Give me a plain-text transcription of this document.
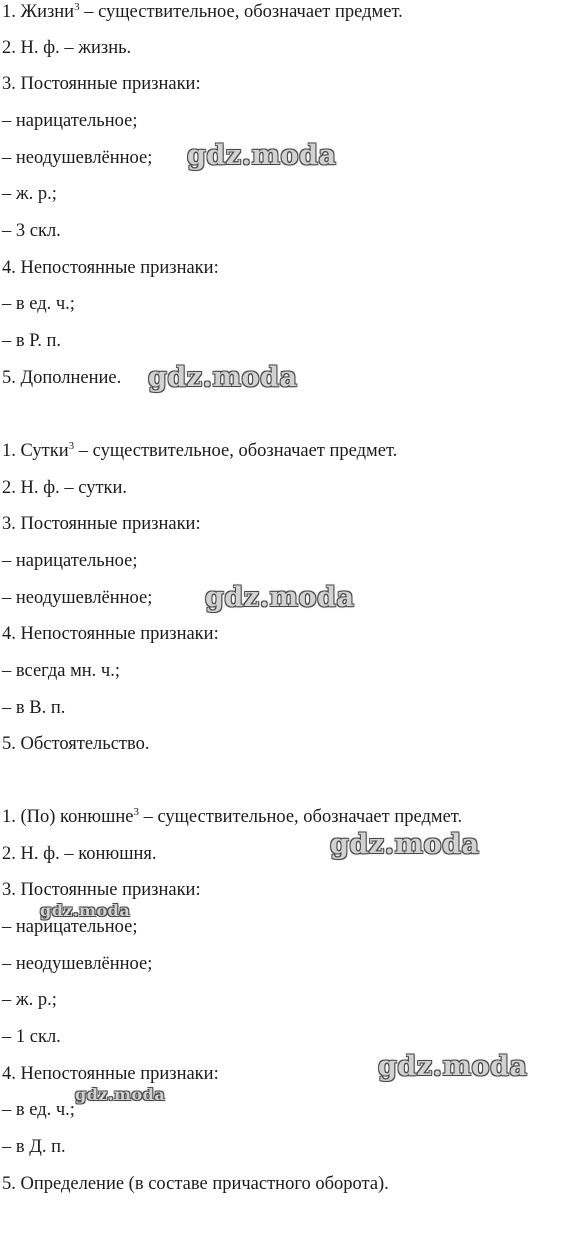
1. Жизни$^3$ – существительное, обозначает предмет.
2. Н. ф. – жизнь.
3. Постоянные признаки:
– нарицательное;
– неодушевлённое;
– ж. р.;
– 3 скл.
4. Непостоянные признаки:
– в ед. ч.;
– в Р. п.
5. Дополнение.
1. Сутки$^3$ – существительное, обозначает предмет.
2. Н. ф. – сутки.
3. Постоянные признаки:
– нарицательное;
– неодушевлённое;
4. Непостоянные признаки:
– всегда мн. ч.;
– в В. п.
5. Обстоятельство.
1. (По) конюшне$^3$ – существительное, обозначает предмет.
2. Н. ф. – конюшня.
3. Постоянные признаки:
– нарицательное;
– неодушевлённое;
– ж. р.;
– 1 скл.
4. Непостоянные признаки:
– в ед. ч.;
– в Д. п.
5. Определение (в составе причастного оборота).
gdz.moda
gdz.moda
gdz.moda
gdz.moda
gdz.moda
gdz.moda
gdz.moda
